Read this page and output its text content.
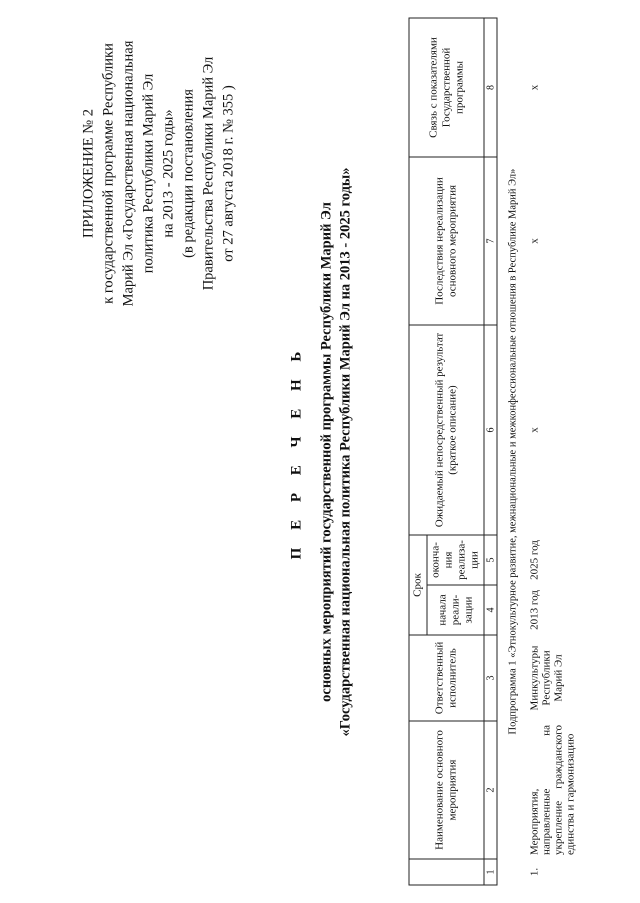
ПРИЛОЖЕНИЕ № 2 к государственной программе Республики Марий Эл «Государственная национальная политика Республики Марий Эл на 2013 - 2025 годы» (в редакции постановления Правительства Республики Марий Эл от 27 августа 2018 г. № 355 )
П Е Р Е Ч Е Н Ь основных мероприятий государственной программы Республики Марий Эл «Государственная национальная политика Республики Марий Эл на 2013 - 2025 годы»
	Наименование основного мероприятия	Ответственный исполнитель	Срок		Ожидаемый непосредственный результат (краткое описание)	Последствия нереализации основного мероприятия	Связь с показателями Государственной программы
			начала реали-зации	оконча-ния реализа-ции			
1	2	3	4	5	6	7	8
Подпрограмма 1 «Этнокультурное развитие, межнациональные и межконфессиональные отношения в Республике Марий Эл»							
1.	Мероприятия, направленные на укрепление гражданского единства и гармонизацию	Минкультуры Республики Марий Эл	2013 год	2025 год	x	x	x
